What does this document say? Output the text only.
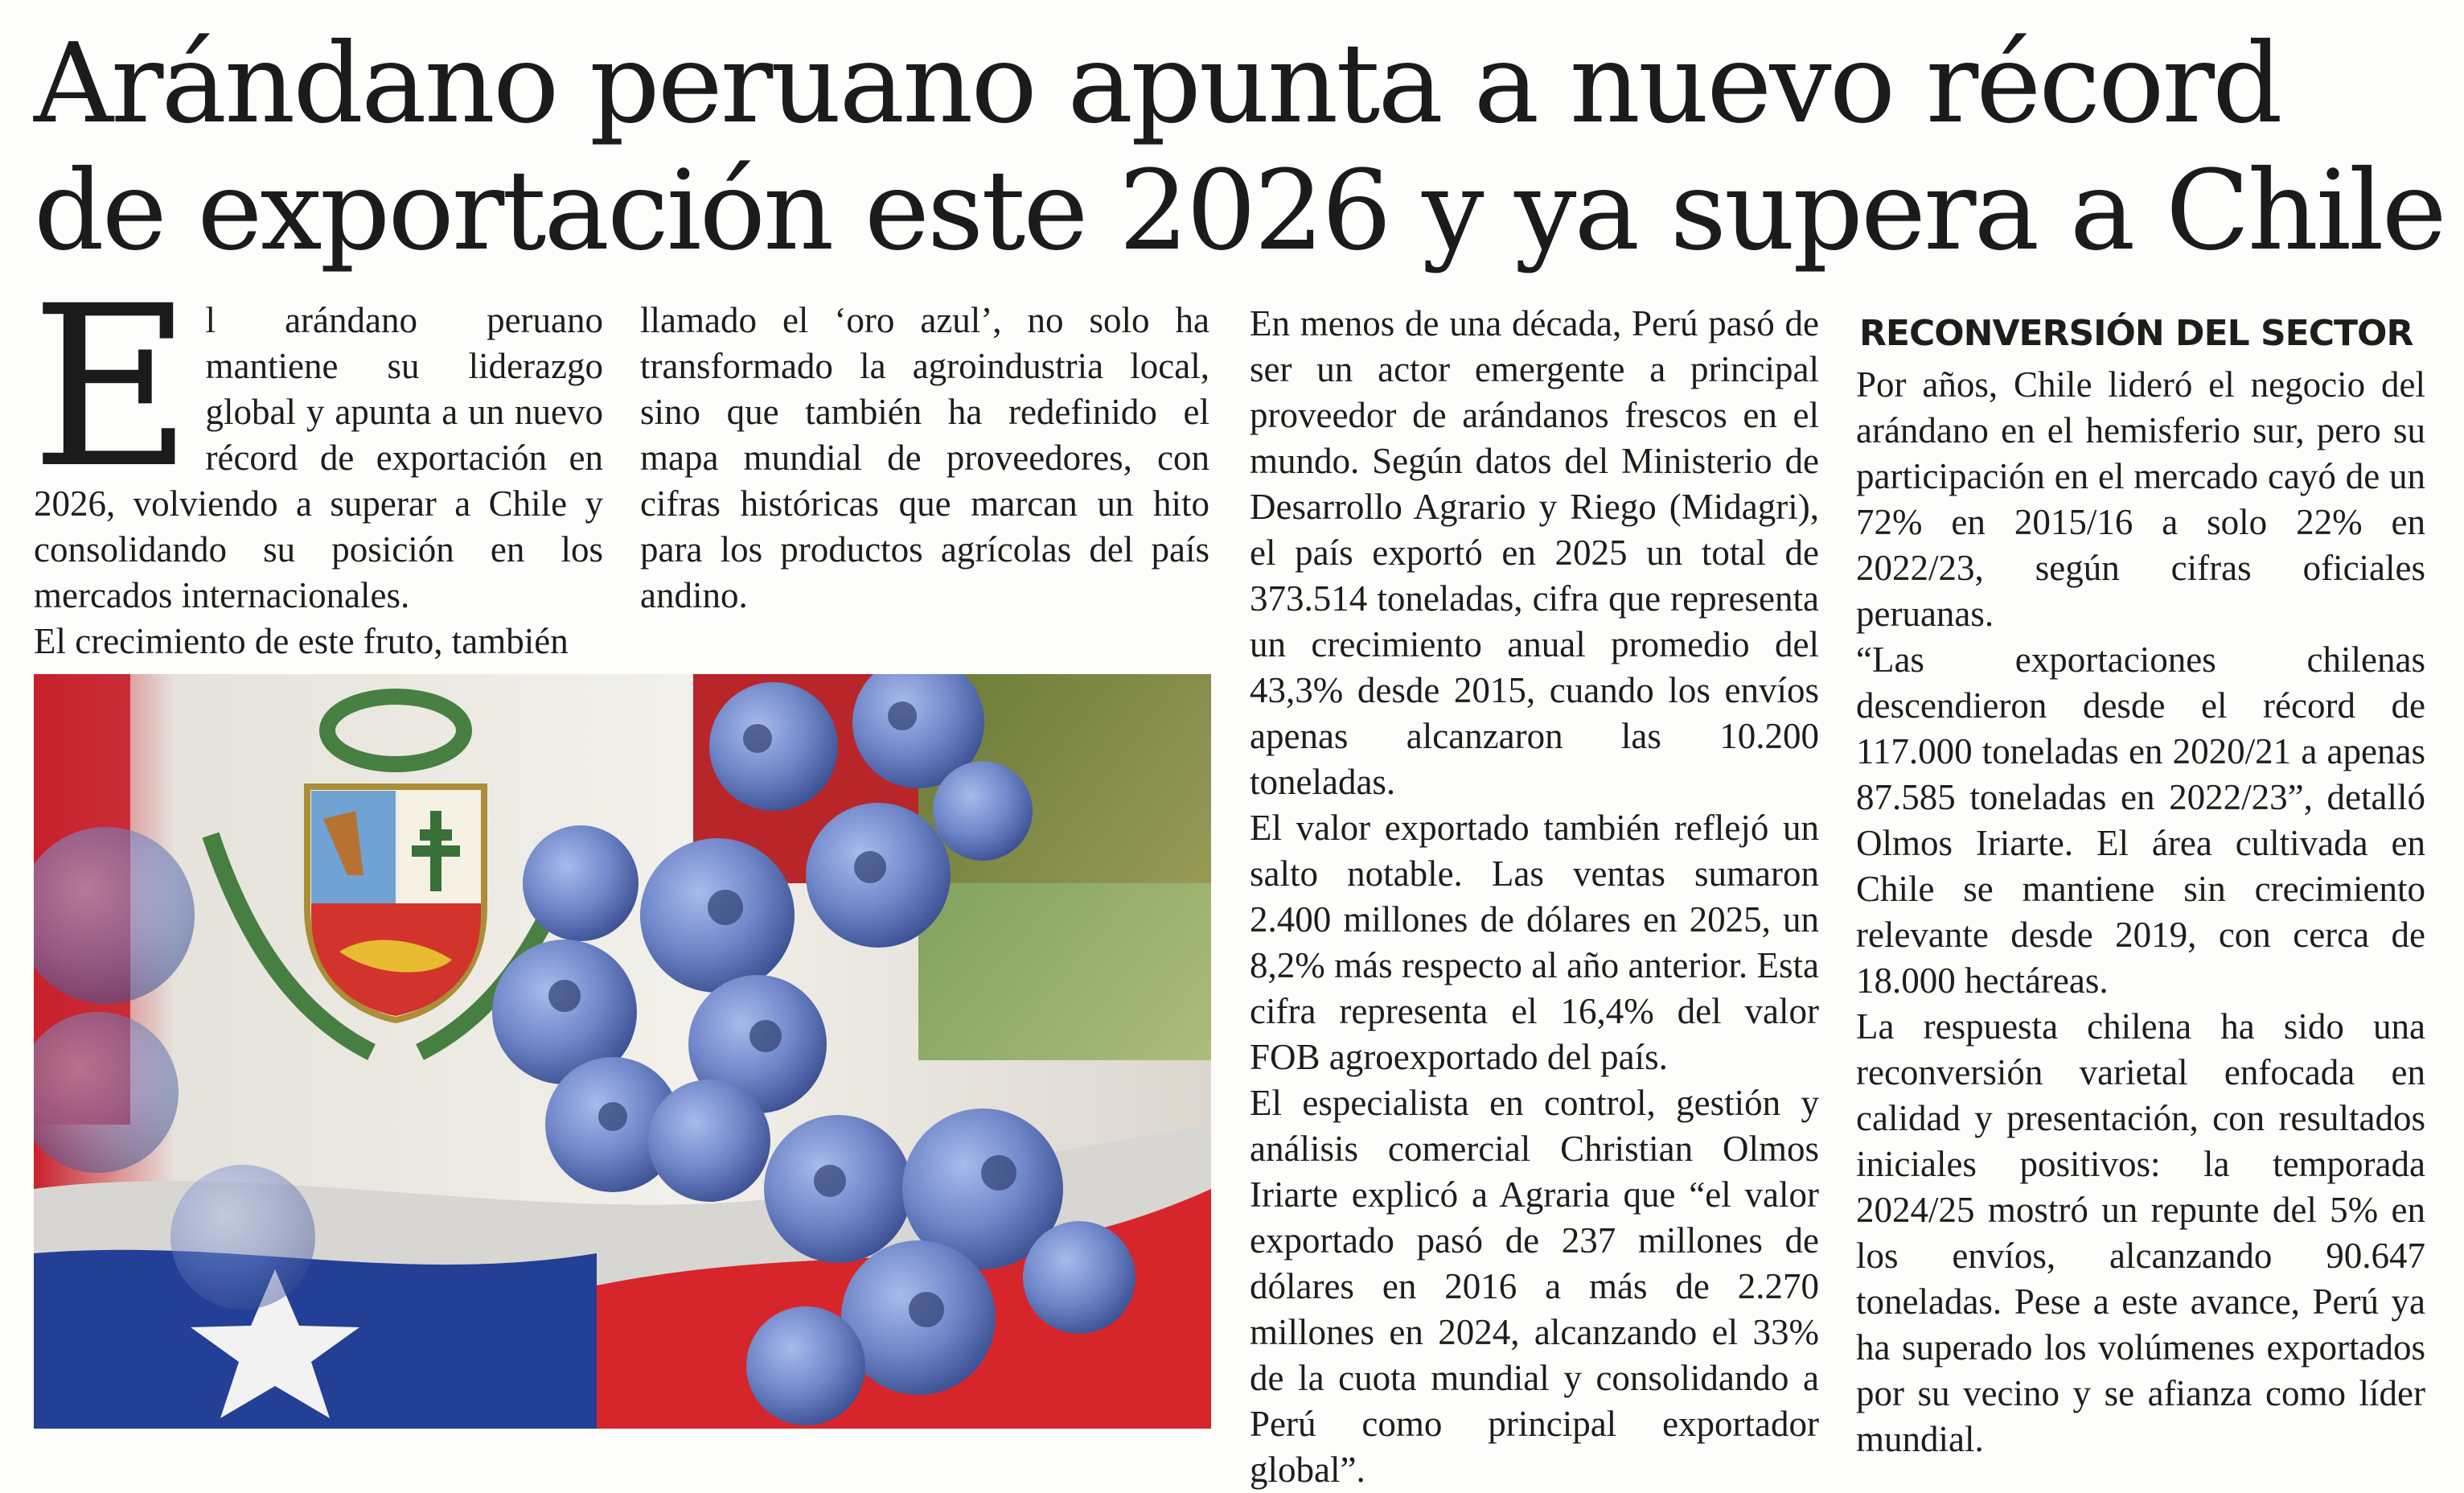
Arándano peruano apunta a nuevo récord
de exportación este 2026 y ya supera a Chile

El arándano peruano mantiene su liderazgo global y apunta a un nuevo récord de exportación en 2026, volviendo a superar a Chile y consolidando su posición en los mercados internacionales.

El crecimiento de este fruto, también

llamado el ‘oro azul’, no solo ha transformado la agroindustria local, sino que también ha redefinido el mapa mundial de proveedores, con cifras históricas que marcan un hito para los productos agrícolas del país andino.

En menos de una década, Perú pasó de ser un actor emergente a principal proveedor de arándanos frescos en el mundo. Según datos del Ministerio de Desarrollo Agrario y Riego (Midagri), el país exportó en 2025 un total de 373.514 toneladas, cifra que representa un crecimiento anual promedio del 43,3% desde 2015, cuando los envíos apenas alcanzaron las 10.200 toneladas.

El valor exportado también reflejó un salto notable. Las ventas sumaron 2.400 millones de dólares en 2025, un 8,2% más respecto al año anterior. Esta cifra representa el 16,4% del valor FOB agroexportado del país.

El especialista en control, gestión y análisis comercial Christian Olmos Iriarte explicó a Agraria que “el valor exportado pasó de 237 millones de dólares en 2016 a más de 2.270 millones en 2024, alcanzando el 33% de la cuota mundial y consolidando a Perú como principal exportador global”.

RECONVERSIÓN DEL SECTOR

Por años, Chile lideró el negocio del arándano en el hemisferio sur, pero su participación en el mercado cayó de un 72% en 2015/16 a solo 22% en 2022/23, según cifras oficiales peruanas.

“Las exportaciones chilenas descendieron desde el récord de 117.000 toneladas en 2020/21 a apenas 87.585 toneladas en 2022/23”, detalló Olmos Iriarte. El área cultivada en Chile se mantiene sin crecimiento relevante desde 2019, con cerca de 18.000 hectáreas.

La respuesta chilena ha sido una reconversión varietal enfocada en calidad y presentación, con resultados iniciales positivos: la temporada 2024/25 mostró un repunte del 5% en los envíos, alcanzando 90.647 toneladas. Pese a este avance, Perú ya ha superado los volúmenes exportados por su vecino y se afianza como líder mundial.
